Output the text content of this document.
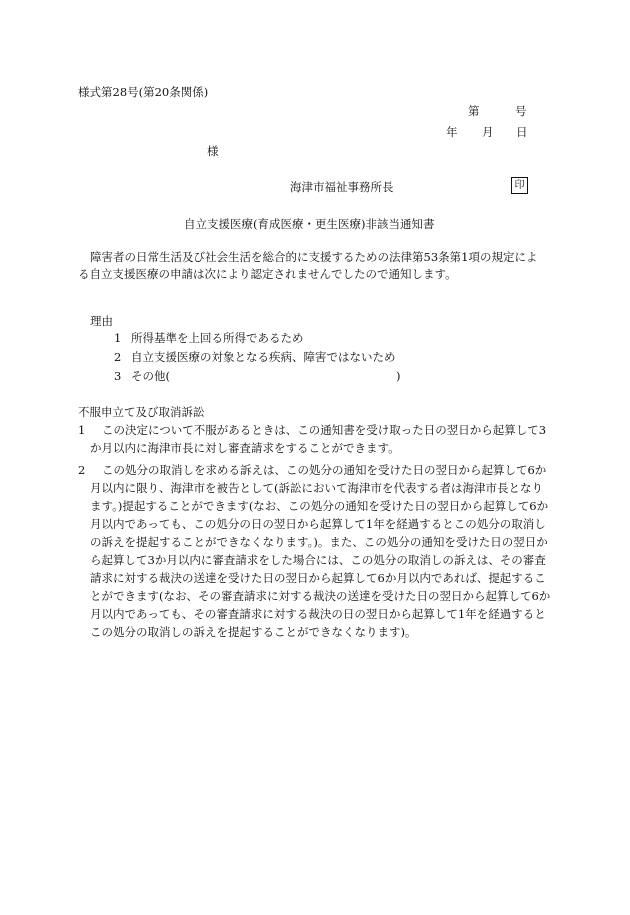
様式第28号(第20条関係)
第	号
年 月 日
様
海津市福祉事務所長	印
自立支援医療(育成医療・更生医療)非該当通知書
障害者の日常生活及び社会生活を総合的に支援するための法律第53条第1項の規定による自立支援医療の申請は次により認定されませんでしたので通知します。
理由
1 所得基準を上回る所得であるため
2 自立支援医療の対象となる疾病、障害ではないため
3 その他(	)
不服申立て及び取消訴訟
1	この決定について不服があるときは、この通知書を受け取った日の翌日から起算して3か月以内に海津市長に対し審査請求をすることができます。
2	この処分の取消しを求める訴えは、この処分の通知を受けた日の翌日から起算して6か月以内に限り、海津市を被告として(訴訟において海津市を代表する者は海津市長となります。)提起することができます(なお、この処分の通知を受けた日の翌日から起算して6か月以内であっても、この処分の日の翌日から起算して1年を経過するとこの処分の取消しの訴えを提起することができなくなります。)。また、この処分の通知を受けた日の翌日から起算して3か月以内に審査請求をした場合には、この処分の取消しの訴えは、その審査請求に対する裁決の送達を受けた日の翌日から起算して6か月以内であれば、提起することができます(なお、その審査請求に対する裁決の送達を受けた日の翌日から起算して6か月以内であっても、その審査請求に対する裁決の日の翌日から起算して1年を経過するとこの処分の取消しの訴えを提起することができなくなります)。
